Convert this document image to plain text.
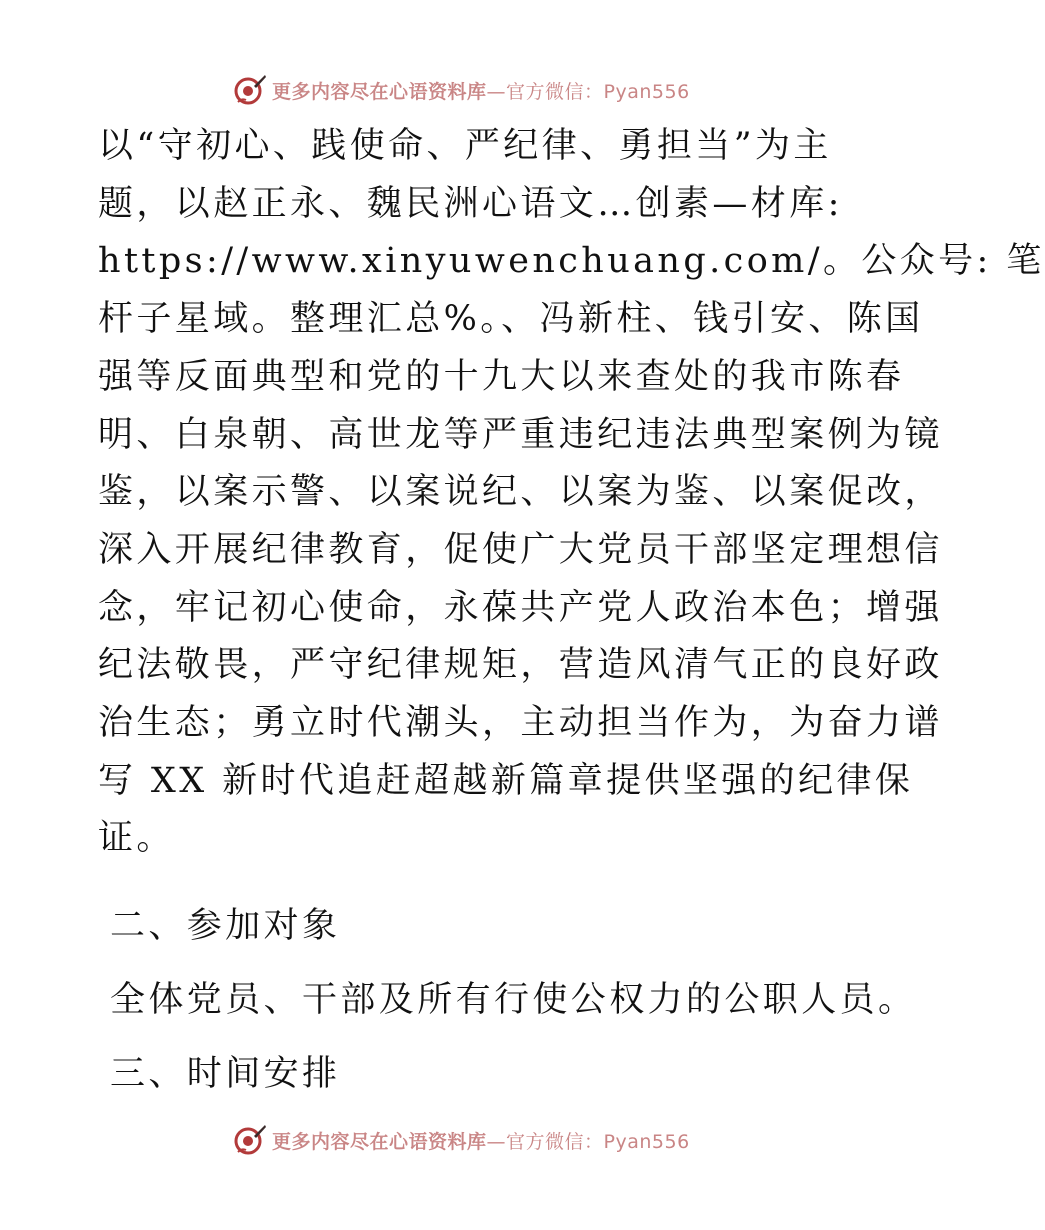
更多内容尽在心语资料库 —官方微信：Pyan556
以“守初心、践使命、严纪律、勇担当”为主
题，以赵正永、魏民洲心语文…创素—材库:
https://www.xinyuwenchuang.com/。公众号: 笔
杆子星域。整理汇总%。、冯新柱、钱引安、陈国
强等反面典型和党的十九大以来查处的我市陈春
明、白泉朝、高世龙等严重违纪违法典型案例为镜
鉴，以案示警、以案说纪、以案为鉴、以案促改，
深入开展纪律教育，促使广大党员干部坚定理想信
念，牢记初心使命，永葆共产党人政治本色；增强
纪法敬畏，严守纪律规矩，营造风清气正的良好政
治生态；勇立时代潮头，主动担当作为，为奋力谱
写 XX 新时代追赶超越新篇章提供坚强的纪律保
证。
二、参加对象
全体党员、干部及所有行使公权力的公职人员。
三、时间安排
更多内容尽在心语资料库 —官方微信：Pyan556
